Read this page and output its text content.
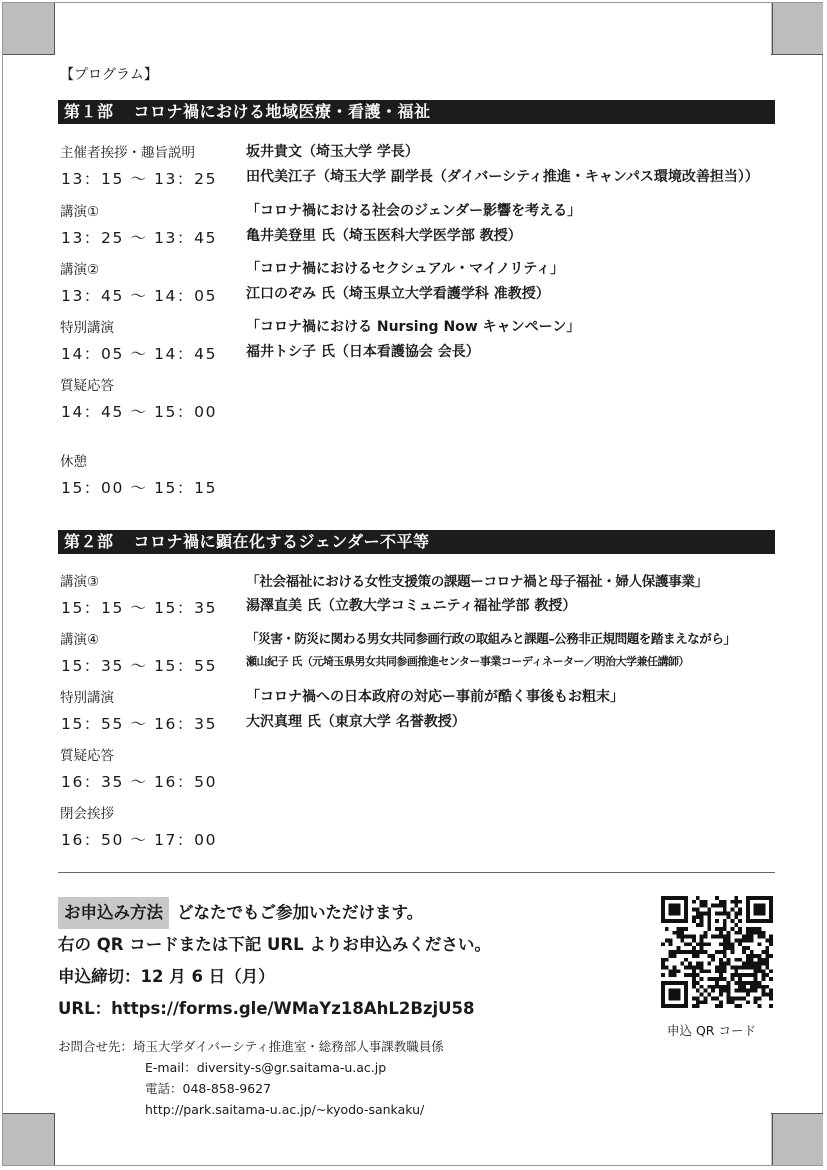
【プログラム】
第１部 コロナ禍における地域医療・看護・福祉
主催者挨拶・趣旨説明
13：15 ～ 13：25
坂井貴文（埼玉大学 学長）
田代美江子（埼玉大学 副学長（ダイバーシティ推進・キャンパス環境改善担当））
講演①
13：25 ～ 13：45
「コロナ禍における社会のジェンダー影響を考える」
亀井美登里 氏（埼玉医科大学医学部 教授）
講演②
13：45 ～ 14：05
「コロナ禍におけるセクシュアル・マイノリティ」
江口のぞみ 氏（埼玉県立大学看護学科 准教授）
特別講演
14：05 ～ 14：45
「コロナ禍における Nursing Now キャンペーン」
福井トシ子 氏（日本看護協会 会長）
質疑応答
14：45 ～ 15：00
休憩
15：00 ～ 15：15
第２部 コロナ禍に顕在化するジェンダー不平等
講演③
15：15 ～ 15：35
「社会福祉における女性支援策の課題ーコロナ禍と母子福祉・婦人保護事業」
湯澤直美 氏（立教大学コミュニティ福祉学部 教授）
講演④
15：35 ～ 15：55
「災害・防災に関わる男女共同参画行政の取組みと課題–公務非正規問題を踏まえながら」
瀬山紀子 氏（元埼玉県男女共同参画推進センター事業コーディネーター／明治大学兼任講師）
特別講演
15：55 ～ 16：35
「コロナ禍への日本政府の対応ー事前が酷く事後もお粗末」
大沢真理 氏（東京大学 名誉教授）
質疑応答
16：35 ～ 16：50
閉会挨拶
16：50 ～ 17：00
お申込み方法 どなたでもご参加いただけます。
右の QR コードまたは下記 URL よりお申込みください。
申込締切：12 月 6 日（月）
URL：https://forms.gle/WMaYz18AhL2BzjU58
申込 QR コード
お問合せ先：埼玉大学ダイバーシティ推進室・総務部人事課教職員係
E-mail：diversity-s@gr.saitama-u.ac.jp
電話：048-858-9627
http://park.saitama-u.ac.jp/~kyodo-sankaku/
